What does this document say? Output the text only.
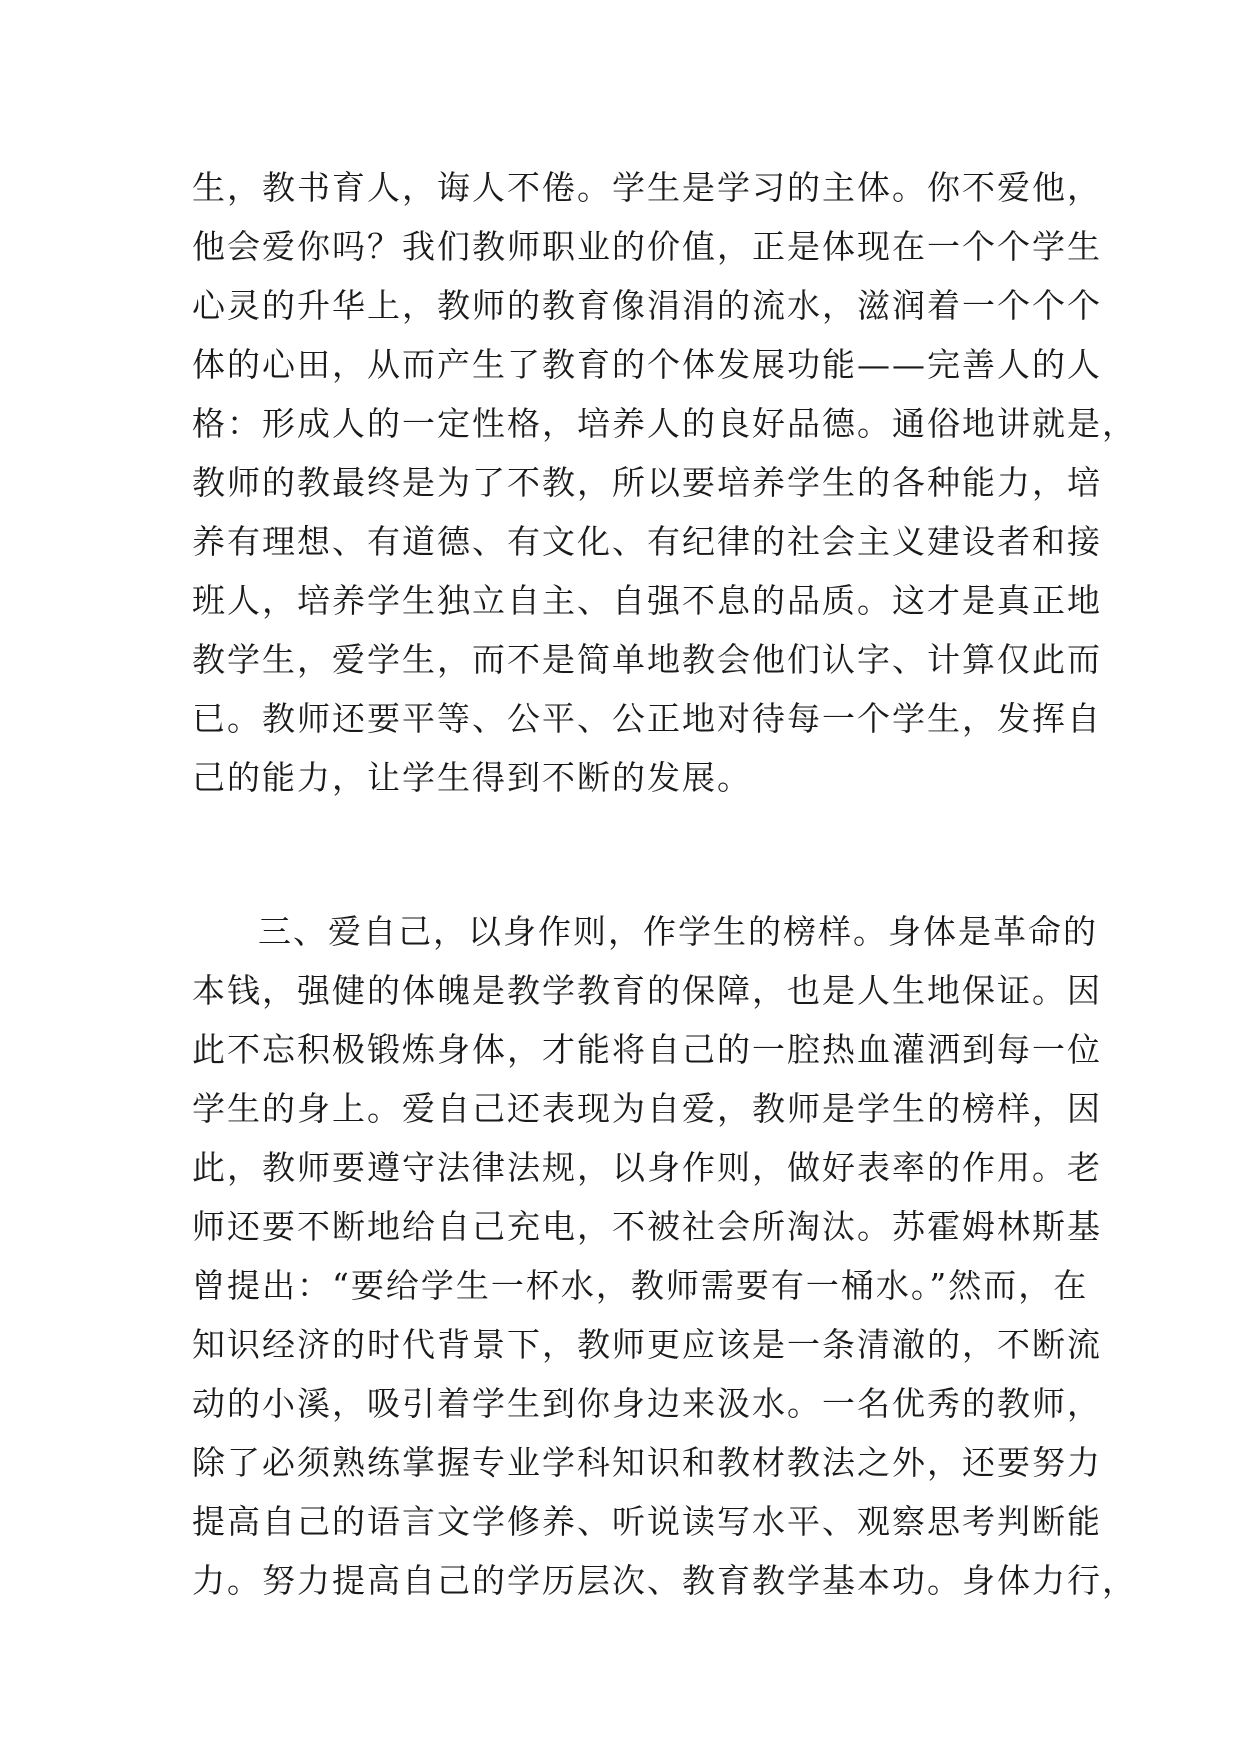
生，教书育人，诲人不倦。学生是学习的主体。你不爱他，
他会爱你吗？我们教师职业的价值，正是体现在一个个学生
心灵的升华上，教师的教育像涓涓的流水，滋润着一个个个
体的心田，从而产生了教育的个体发展功能——完善人的人
格：形成人的一定性格，培养人的良好品德。通俗地讲就是，
教师的教最终是为了不教，所以要培养学生的各种能力，培
养有理想、有道德、有文化、有纪律的社会主义建设者和接
班人，培养学生独立自主、自强不息的品质。这才是真正地
教学生，爱学生，而不是简单地教会他们认字、计算仅此而
已。教师还要平等、公平、公正地对待每一个学生，发挥自
己的能力，让学生得到不断的发展。
三、爱自己，以身作则，作学生的榜样。身体是革命的
本钱，强健的体魄是教学教育的保障，也是人生地保证。因
此不忘积极锻炼身体，才能将自己的一腔热血灌洒到每一位
学生的身上。爱自己还表现为自爱，教师是学生的榜样，因
此，教师要遵守法律法规，以身作则，做好表率的作用。老
师还要不断地给自己充电，不被社会所淘汰。苏霍姆林斯基
曾提出：“要给学生一杯水，教师需要有一桶水。”然而，在
知识经济的时代背景下，教师更应该是一条清澈的，不断流
动的小溪，吸引着学生到你身边来汲水。一名优秀的教师，
除了必须熟练掌握专业学科知识和教材教法之外，还要努力
提高自己的语言文学修养、听说读写水平、观察思考判断能
力。努力提高自己的学历层次、教育教学基本功。身体力行，
